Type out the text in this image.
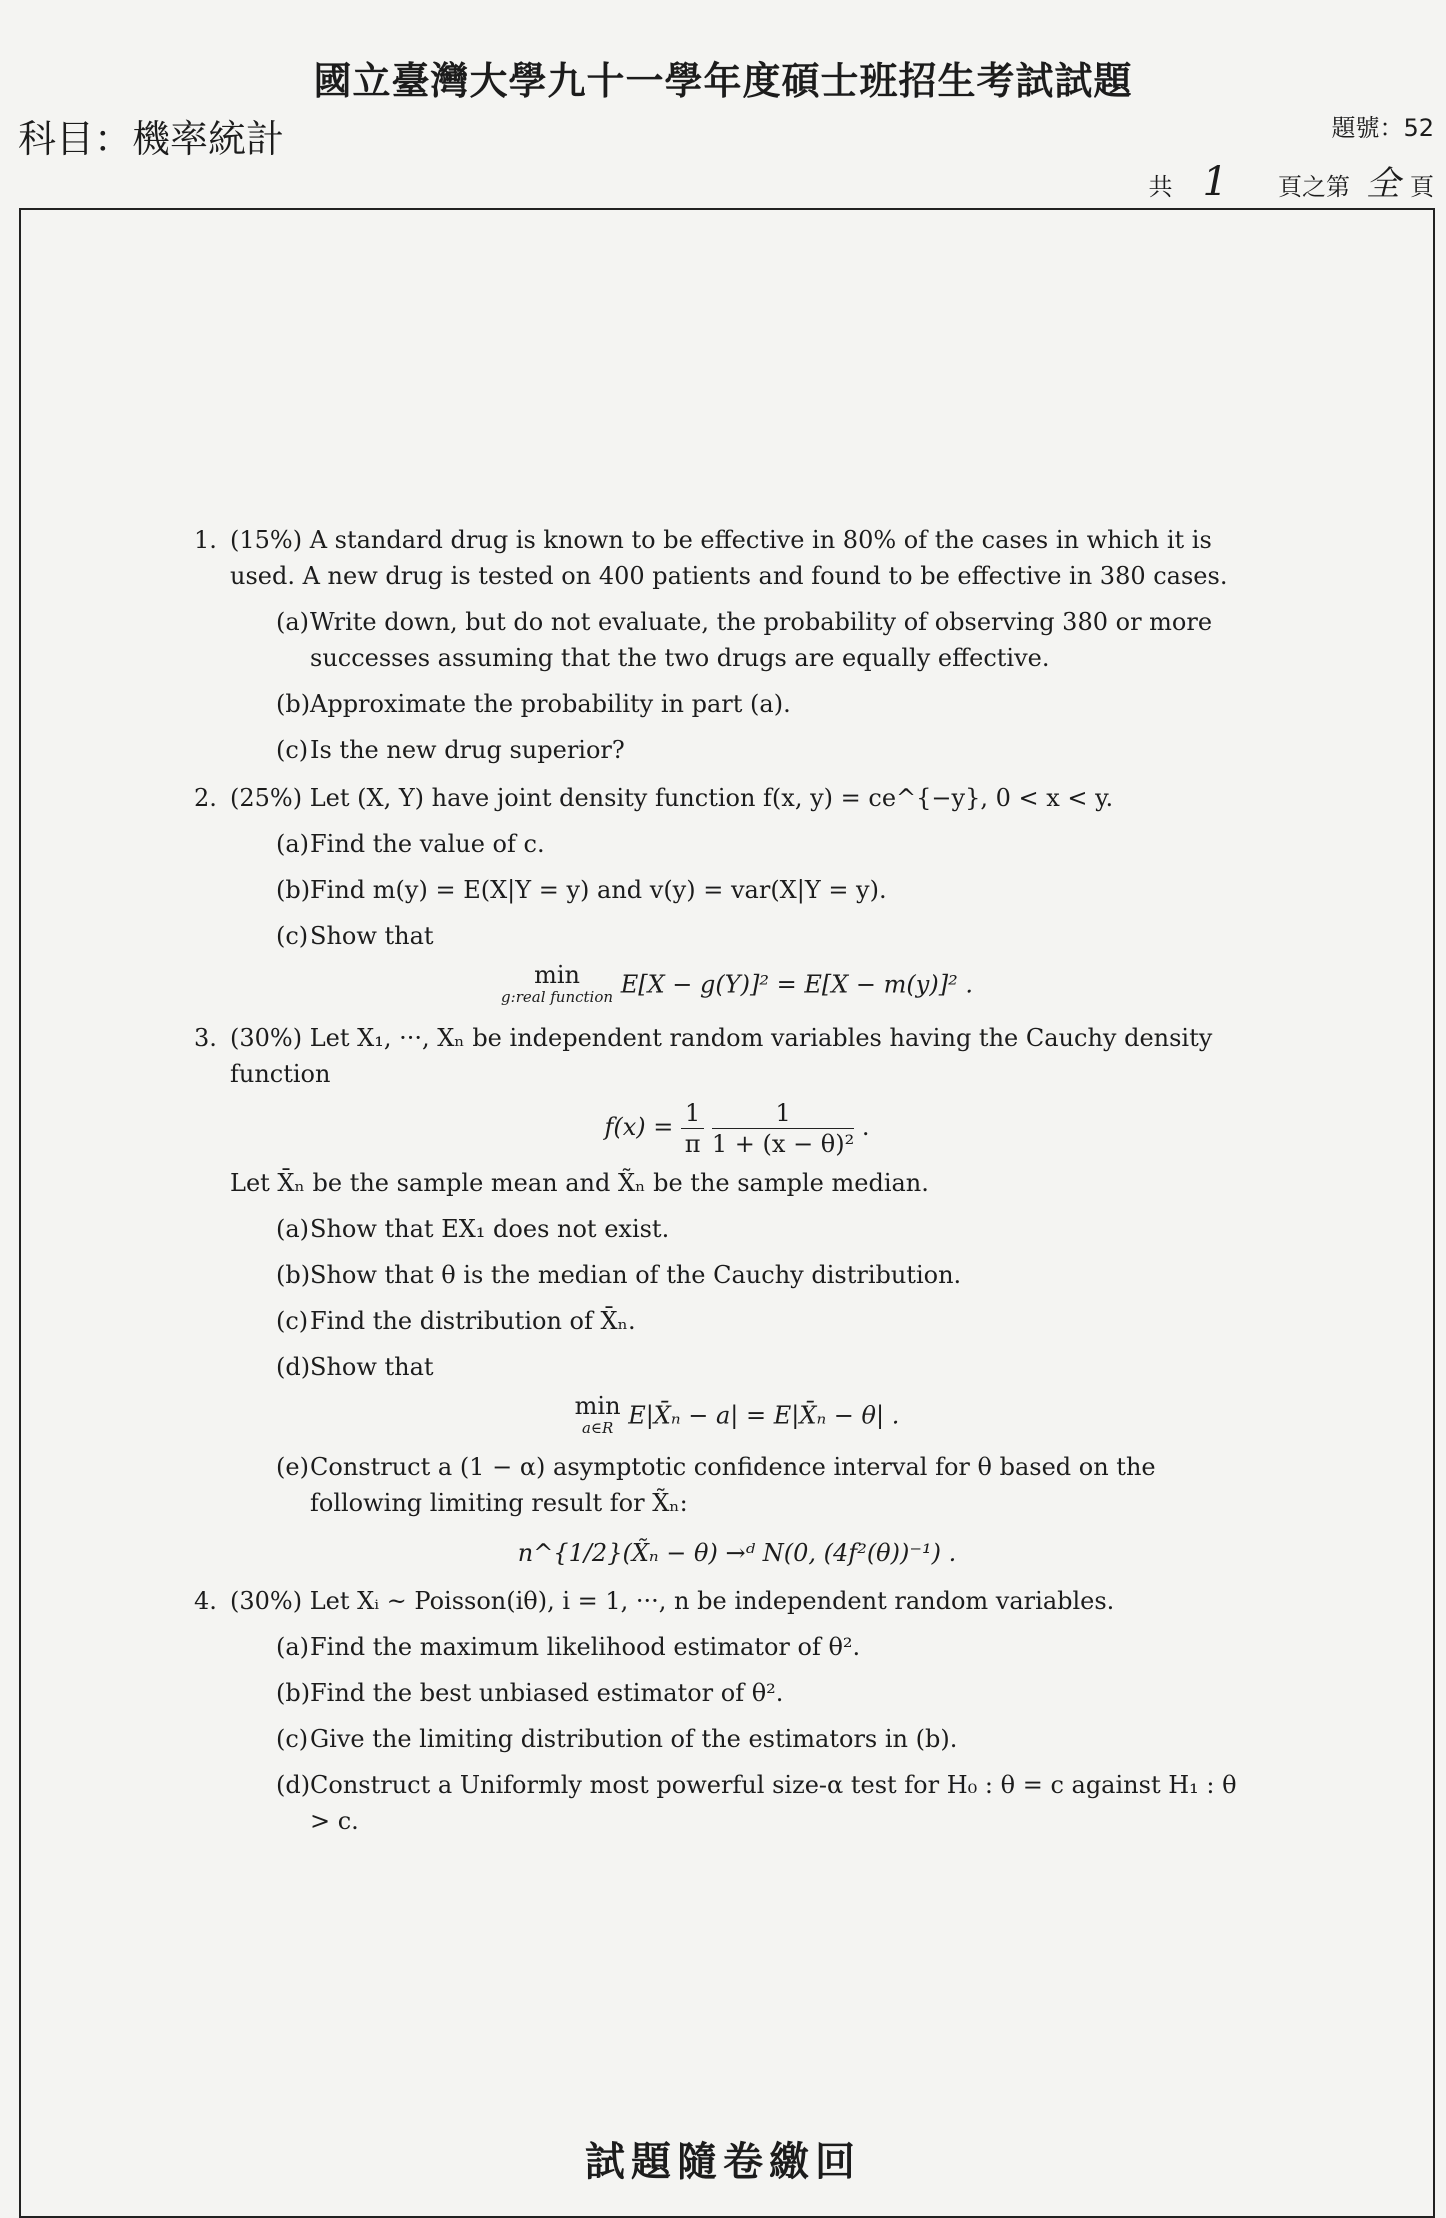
國立臺灣大學九十一學年度碩士班招生考試試題
科目：機率統計	題號：52
共 1 頁之第 全 頁
1. (15%) A standard drug is known to be effective in 80% of the cases in which it is used. A new drug is tested on 400 patients and found to be effective in 380 cases.
(a) Write down, but do not evaluate, the probability of observing 380 or more successes assuming that the two drugs are equally effective.
(b) Approximate the probability in part (a).
(c) Is the new drug superior?
2. (25%) Let (X, Y) have joint density function f(x, y) = ce^{−y}, 0 < x < y.
(a) Find the value of c.
(b) Find m(y) = E(X|Y = y) and v(y) = var(X|Y = y).
(c) Show that
min
g:real function E[X − g(Y)]² = E[X − m(y)]² .
3. (30%) Let X₁, ···, Xₙ be independent random variables having the Cauchy density function
$f(x) = \frac{1}{\pi}$
$\frac{1}{\text{1 + (x − θ)²}}$ .
Let X̄ₙ be the sample mean and X̃ₙ be the sample median.
(a) Show that EX₁ does not exist.
(b) Show that θ is the median of the Cauchy distribution.
(c) Find the distribution of X̄ₙ.
(d) Show that
min
a∈R E|X̄ₙ − a| = E|X̄ₙ − θ| .
(e) Construct a (1 − α) asymptotic confidence interval for θ based on the following limiting result for X̃ₙ:
n^{1/2}(X̃ₙ − θ) →ᵈ N(0, (4f²(θ))⁻¹) .
4. (30%) Let Xᵢ ~ Poisson(iθ), i = 1, ···, n be independent random variables.
(a) Find the maximum likelihood estimator of θ².
(b) Find the best unbiased estimator of θ².
(c) Give the limiting distribution of the estimators in (b).
(d) Construct a Uniformly most powerful size-α test for H₀ : θ = c against H₁ : θ > c.
試題隨卷繳回
